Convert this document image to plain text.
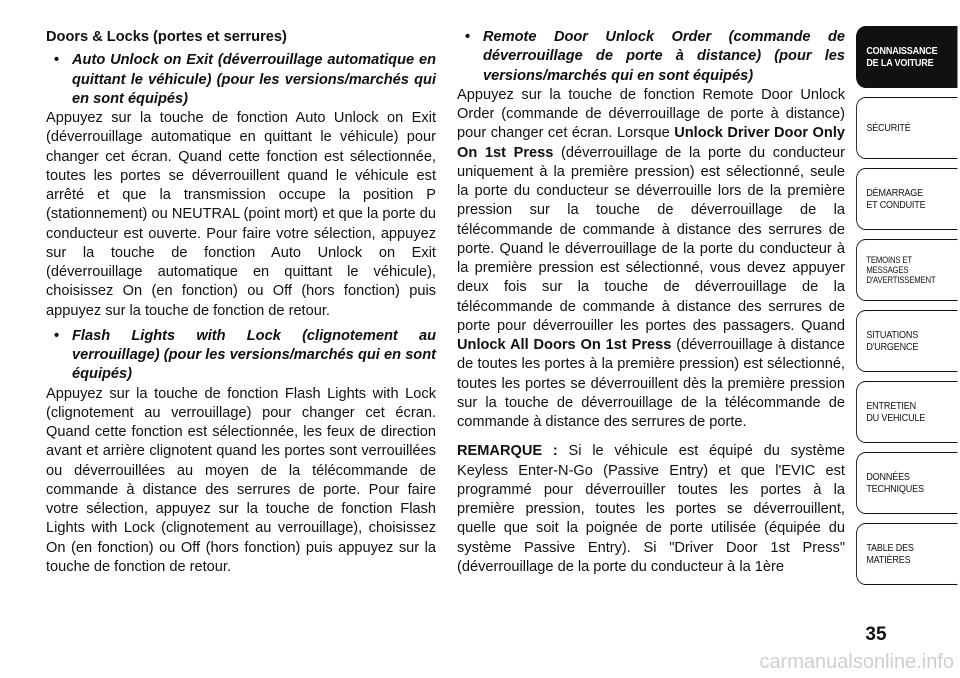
Doors & Locks (portes et serrures)

• Auto Unlock on Exit (déverrouillage automatique en quittant le véhicule) (pour les versions/marchés qui en sont équipés)

Appuyez sur la touche de fonction Auto Unlock on Exit (déverrouillage automatique en quittant le véhicule) pour changer cet écran. Quand cette fonction est sélectionnée, toutes les portes se déverrouillent quand le véhicule est arrêté et que la transmission occupe la position P (stationnement) ou NEUTRAL (point mort) et que la porte du conducteur est ouverte. Pour faire votre sélection, appuyez sur la touche de fonction Auto Unlock on Exit (déverrouillage automatique en quittant le véhicule), choisissez On (en fonction) ou Off (hors fonction) puis appuyez sur la touche de fonction de retour.

• Flash Lights with Lock (clignotement au verrouillage) (pour les versions/marchés qui en sont équipés)

Appuyez sur la touche de fonction Flash Lights with Lock (clignotement au verrouillage) pour changer cet écran. Quand cette fonction est sélectionnée, les feux de direction avant et arrière clignotent quand les portes sont verrouillées ou déverrouillées au moyen de la télécommande de commande à distance des serrures de porte. Pour faire votre sélection, appuyez sur la touche de fonction Flash Lights with Lock (clignotement au verrouillage), choisissez On (en fonction) ou Off (hors fonction) puis appuyez sur la touche de fonction de retour.

• Remote Door Unlock Order (commande de déverrouillage de porte à distance) (pour les versions/marchés qui en sont équipés)

Appuyez sur la touche de fonction Remote Door Unlock Order (commande de déverrouillage de porte à distance) pour changer cet écran. Lorsque Unlock Driver Door Only On 1st Press (déverrouillage de la porte du conducteur uniquement à la première pression) est sélectionné, seule la porte du conducteur se déverrouille lors de la première pression sur la touche de déverrouillage de la télécommande de commande à distance des serrures de porte. Quand le déverrouillage de la porte du conducteur à la première pression est sélectionné, vous devez appuyer deux fois sur la touche de déverrouillage de la télécommande de commande à distance des serrures de porte pour déverrouiller les portes des passagers. Quand Unlock All Doors On 1st Press (déverrouillage à distance de toutes les portes à la première pression) est sélectionné, toutes les portes se déverrouillent dès la première pression sur la touche de déverrouillage de la télécommande de commande à distance des serrures de porte.

REMARQUE : Si le véhicule est équipé du système Keyless Enter-N-Go (Passive Entry) et que l'EVIC est programmé pour déverrouiller toutes les portes à la première pression, toutes les portes se déverrouillent, quelle que soit la poignée de porte utilisée (équipée du système Passive Entry). Si "Driver Door 1st Press" (déverrouillage de la porte du conducteur à la 1ère

CONNAISSANCE
DE LA VOITURE
SÉCURITÉ
DÉMARRAGE
ET CONDUITE
TEMOINS ET
MESSAGES
D'AVERTISSEMENT
SITUATIONS
D'URGENCE
ENTRETIEN
DU VEHICULE
DONNÉES
TECHNIQUES
TABLE DES
MATIÈRES
35
carmanualsonline.info
